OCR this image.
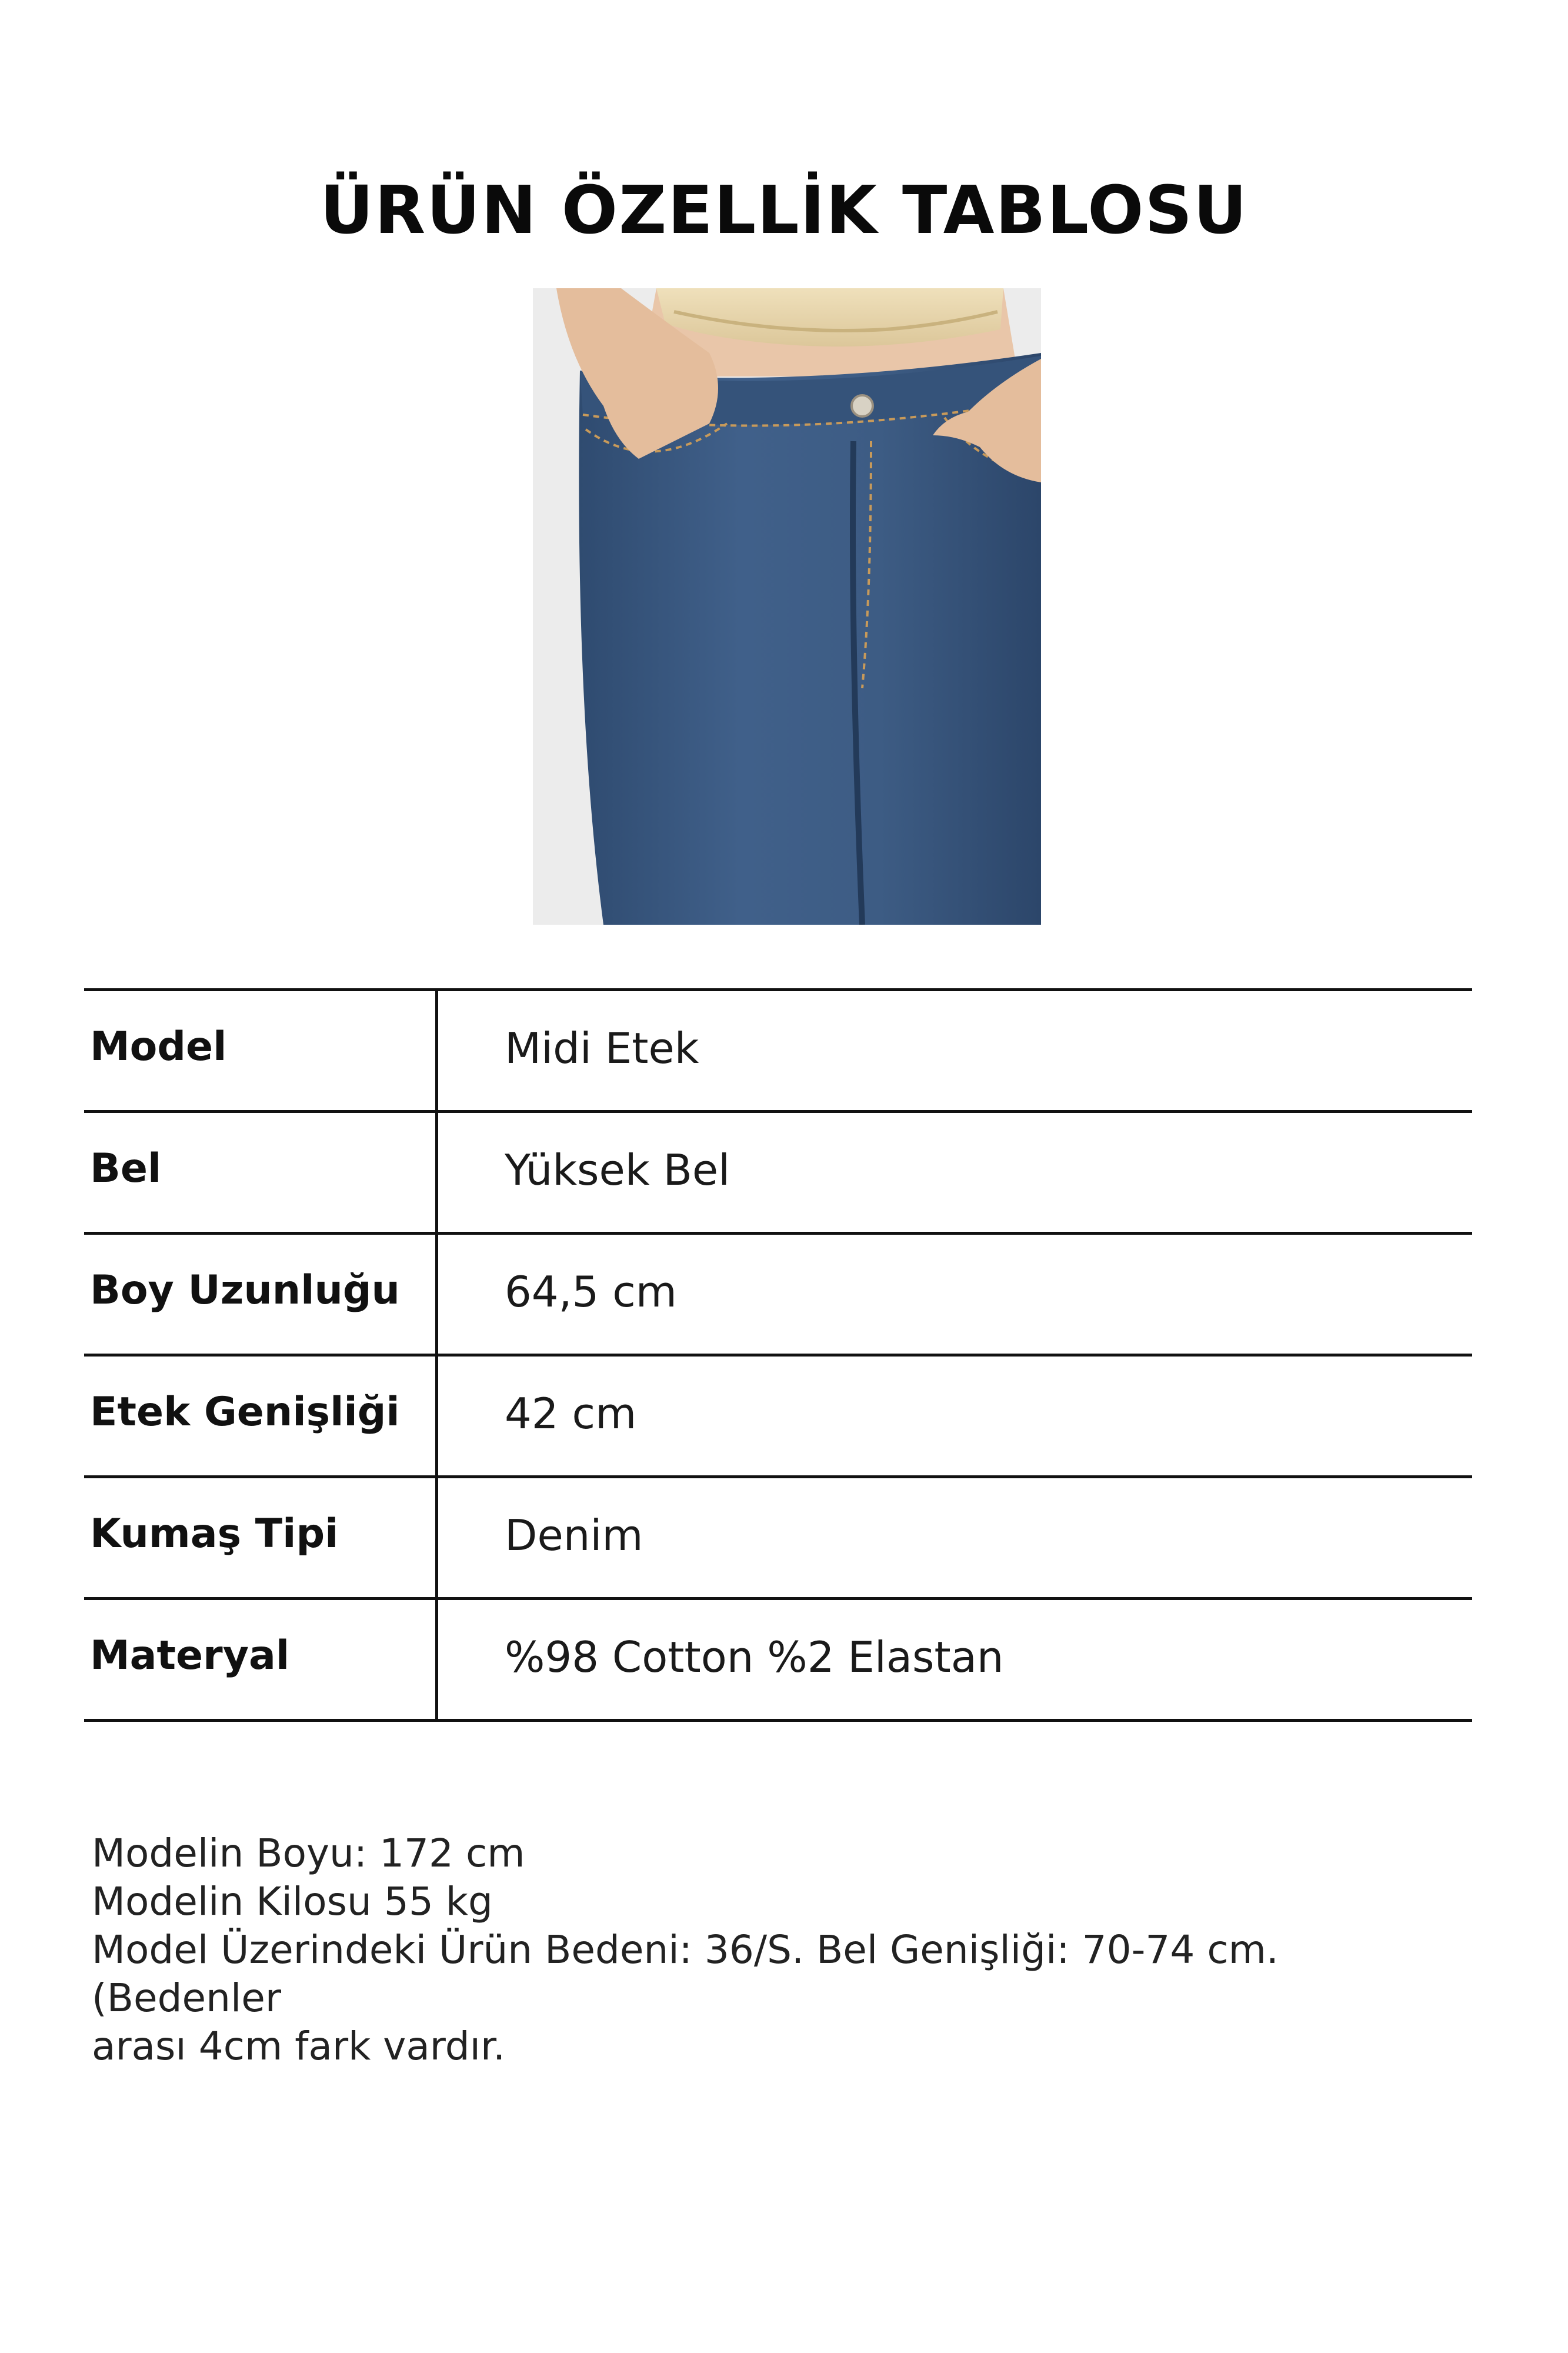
ÜRÜN ÖZELLİK TABLOSU
Model	Midi Etek
Bel	Yüksek Bel
Boy Uzunluğu 64,5 cm
Etek Genişliği 42 cm
Kumaş Tipi	Denim
Materyal	%98 Cotton %2 Elastan
Modelin Boyu: 172 cm
Modelin Kilosu 55 kg
Model Üzerindeki Ürün Bedeni: 36/S. Bel Genişliği: 70-74 cm. (Bedenler
arası 4cm fark vardır.
